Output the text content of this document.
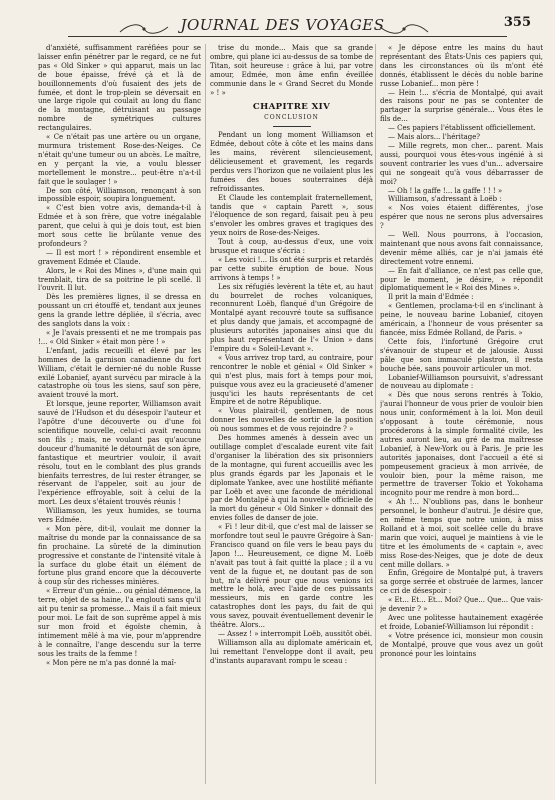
JOURNAL DES VOYAGES	355

d'anxiété, suffisamment raréfiées pour se laisser enfin pénétrer par le regard, ce ne fut pas « Old Sinker » qui apparut, mais un lac de boue épaisse, frévé çà et là de bouillonnements d'où fusaient des jets de fumée, et dont le trop-plein se déversait en une large rigole qui coulait au long du flanc de la montagne, détruisant au passage nombre de symétriques cultures rectangulaires.

« Ce n'était pas une artère ou un organe, murmura tristement Rose-des-Neiges. Ce n'était qu'une tumeur ou un abcès. Le maître, en y perçant la vie, a voulu blesser mortellement le monstre... peut-être n'a-t-il fait que le soulager ! »

De son côté, Williamson, renonçant à son impossible espoir, soupira longuement.

« C'est bien votre avis, demanda-t-il à Edmée et à son frère, que votre inégalable parent, que celui à qui je dois tout, est bien mort sous cette lie brûlante venue des profondeurs ?

— Il est mort ! » répondirent ensemble et gravement Edmée et Claude.

Alors, le « Roi des Mines », d'une main qui tremblait, tira de sa poitrine le pli scellé. Il l'ouvrit. Il lut.

Dès les premières lignes, il se dressa en poussant un cri étouffé et, tendant aux jeunes gens la grande lettre dépliée, il s'écria, avec des sanglots dans la voix :

« Je l'avais pressenti et ne me trompais pas !... « Old Sinker » était mon père ! »

L'enfant, jadis recueilli et élevé par les hommes de la garnison canadienne du fort William, c'était le dernier-né du noble Russe exilé Lobanief, ayant survécu par miracle à la catastrophe où tous les siens, sauf son père, avaient trouvé la mort.

Et lorsque, jeune reporter, Williamson avait sauvé de l'Hudson et du désespoir l'auteur et l'apôtre d'une découverte ou d'une foi scientifique nouvelle, celui-ci avait reconnu son fils ; mais, ne voulant pas qu'aucune douceur d'humanité le détournât de son âpre, fantastique et meurtrier vouloir, il avait résolu, tout en le comblant des plus grands bienfaits terrestres, de lui rester étranger, se réservant de l'appeler, soit au jour de l'expérience effroyable, soit à celui de la mort. Les deux s'étaient trouvés réunis !

Williamson, les yeux humides, se tourna vers Edmée.

« Mon père, dit-il, voulait me donner la maîtrise du monde par la connaissance de sa fin prochaine. La sûreté de la diminution progressive et constante de l'intensité vitale à la surface du globe était un élément de fortune plus grand encore que la découverte à coup sûr des richesses minières.

« Erreur d'un génie... ou génial démence, la terre, objet de sa haine, l'a englouti sans qu'il ait pu tenir sa promesse... Mais il a fait mieux pour moi. Le fait de son suprême appel à mis sur mon froid et égoïste chemin, à intimement mêlé à ma vie, pour m'apprendre à le connaître, l'ange descendu sur la terre sous les traits de la femme !

« Mon père ne m'a pas donné la maî-

trise du monde... Mais que sa grande ombre, qui plane ici au-dessus de sa tombe de Titan, soit heureuse : grâce à lui, par votre amour, Edmée, mon âme enfin éveillée communie dans le « Grand Secret du Monde » ! »

CHAPITRE XIV
CONCLUSION

Pendant un long moment Williamson et Edmée, debout côte à côte et les mains dans les mains, révèrent silencieusement, délicieusement et gravement, les regards perdus vers l'horizon que ne voilaient plus les fumées des boues souterraines déjà refroidissantes.

Et Claude les contemplait fraternellement, tandis que « captain Parett », sous l'éloquence de son regard, faisait peu à peu s'envoler les ombres graves et tragiques des yeux noirs de Rose-des-Neiges.

Tout à coup, au-dessus d'eux, une voix brusque et rauque s'écria :

« Les voici !... Ils ont été surpris et retardés par cette subite éruption de boue. Nous arrivons à temps ! »

Les six réfugiés levèrent la tête et, au haut du bourrelet de roches volcaniques, reconnurent Loëb, flanqué d'un Grégoire de Montalpé ayant recouvré toute sa suffisance et plus dandy que jamais, et accompagné de plusieurs autorités japonaises ainsi que du plus haut représentant de l'« Union » dans l'empire du « Soleil-Levant ».

« Vous arrivez trop tard, au contraire, pour rencontrer le noble et génial « Old Sinker » qui n'est plus, mais fort à temps pour moi, puisque vous avez eu la gracieuseté d'amener jusqu'ici les hauts représentants de cet Empire et de notre République.

« Vous plairait-il, gentlemen, de nous donner les nouvelles de sortir de la position où nous sommes et de vous rejoindre ? »

Des hommes amenés à dessein avec un outillage complet d'escalade eurent vite fait d'organiser la libération des six prisonniers de la montagne, qui furent accueillis avec les plus grands égards par les Japonais et le diplomate Yankee, avec une hostilité méfiante par Loëb et avec une faconde de méridional par de Montalpé à qui la nouvelle officielle de la mort du géneur « Old Sinker » donnait des envies folles de danser de joie.

« Fi ! leur dit-il, que c'est mal de laisser se morfondre tout seul le pauvre Grégoire à San-Francisco quand on file vers le beau pays du Japon !... Heureusement, ce digne M. Loëb n'avait pas tout à fait quitté la place ; il a vu vent de la fugue et, ne doutant pas de son but, m'a délivré pour que nous venions ici mettre le holà, avec l'aide de ces puissants messieurs, mis en garde contre les catastrophes dont les pays, du fait de qui vous savez, pouvait éventuellement devenir le théâtre. Alors...

— Assez ! » interrompit Loëb, aussitôt obéi.

Williamson alla au diplomate américain et, lui remettant l'enveloppe dont il avait, peu d'instants auparavant rompu le sceau :

« Je dépose entre les mains du haut représentant des États-Unis ces papiers qui, dans les circonstances où ils m'ont été donnés, établissent le décès du noble barine russe Lobanief... mon père !

— Hein !... s'écria de Montalpé, qui avait des raisons pour ne pas se contenter de partager la surprise générale... Vous êtes le fils de...

— Ces papiers l'établissent officiellement.

— Mais alors... l'héritage?

— Mille regrets, mon cher... parent. Mais aussi, pourquoi vous êtes-vous ingénié à si souvent contrarier les vues d'un... adversaire qui ne songeait qu'à vous débarrasser de moi?

— Oh ! la gaffe !... la gaffe ! ! ! »

Williamson, s'adressant à Loëb :

« Nos voies étaient différentes, j'ose espérer que nous ne serons plus adversaires ?

— Well. Nous pourrons, à l'occasion, maintenant que nous avons fait connaissance, devenir même alliés, car je n'ai jamais été directement votre ennemi.

— En fait d'alliance, ce n'est pas celle que, pour le moment, je désire, » répondit diplomatiquement le « Roi des Mines ».

Il prit la main d'Edmée :

« Gentlemen, proclama-t-il en s'inclinant à peine, le nouveau barine Lobanief, citoyen américain, a l'honneur de vous présenter sa fiancée, miss Edmée Rolland, de Paris. »

Cette fois, l'infortuné Grégoire crut s'évanouir de stupeur et de jalousie. Aussi pâle que son immaculé plastron, il resta bouche bée, sans pouvoir articuler un mot.

Lobanief-Williamson poursuivit, s'adressant de nouveau au diplomate :

« Dès que nous serons rentrés à Tokio, j'aurai l'honneur de vous prier de vouloir bien nous unir, conformément à la loi. Mon deuil s'opposant à toute cérémonie, nous procéderons à la simple formalité civile, les autres auront lieu, au gré de ma maîtresse Lobanief, à New-York ou à Paris. Je prie les autorités japonaises, dont l'accueil a été si pompeusement gracieux à mon arrivée, de vouloir bien, pour la même raison, me permettre de traverser Tokio et Yokohama incognito pour me rendre à mon bord...

« Ah !... N'oublions pas, dans le bonheur personnel, le bonheur d'autrui. Je désire que, en même temps que notre union, à miss Rolland et à moi, soit scellée celle du brave marin que voici, auquel je maintiens à vie le titre et les émoluments de « captain », avec miss Rose-des-Neiges, que je dote de deux cent mille dollars. »

Enfin, Grégoire de Montalpé put, à travers sa gorge serrée et obstruée de larmes, lancer ce cri de désespoir :

« Et... Et... Et... Moi? Que... Que... Que vais-je devenir ? »

Avec une politesse hautainement exagérée et froide, Lobanief-Williamson lui répondit :

« Votre présence ici, monsieur mon cousin de Montalpé, prouve que vous avez un goût prononcé pour les lointains
